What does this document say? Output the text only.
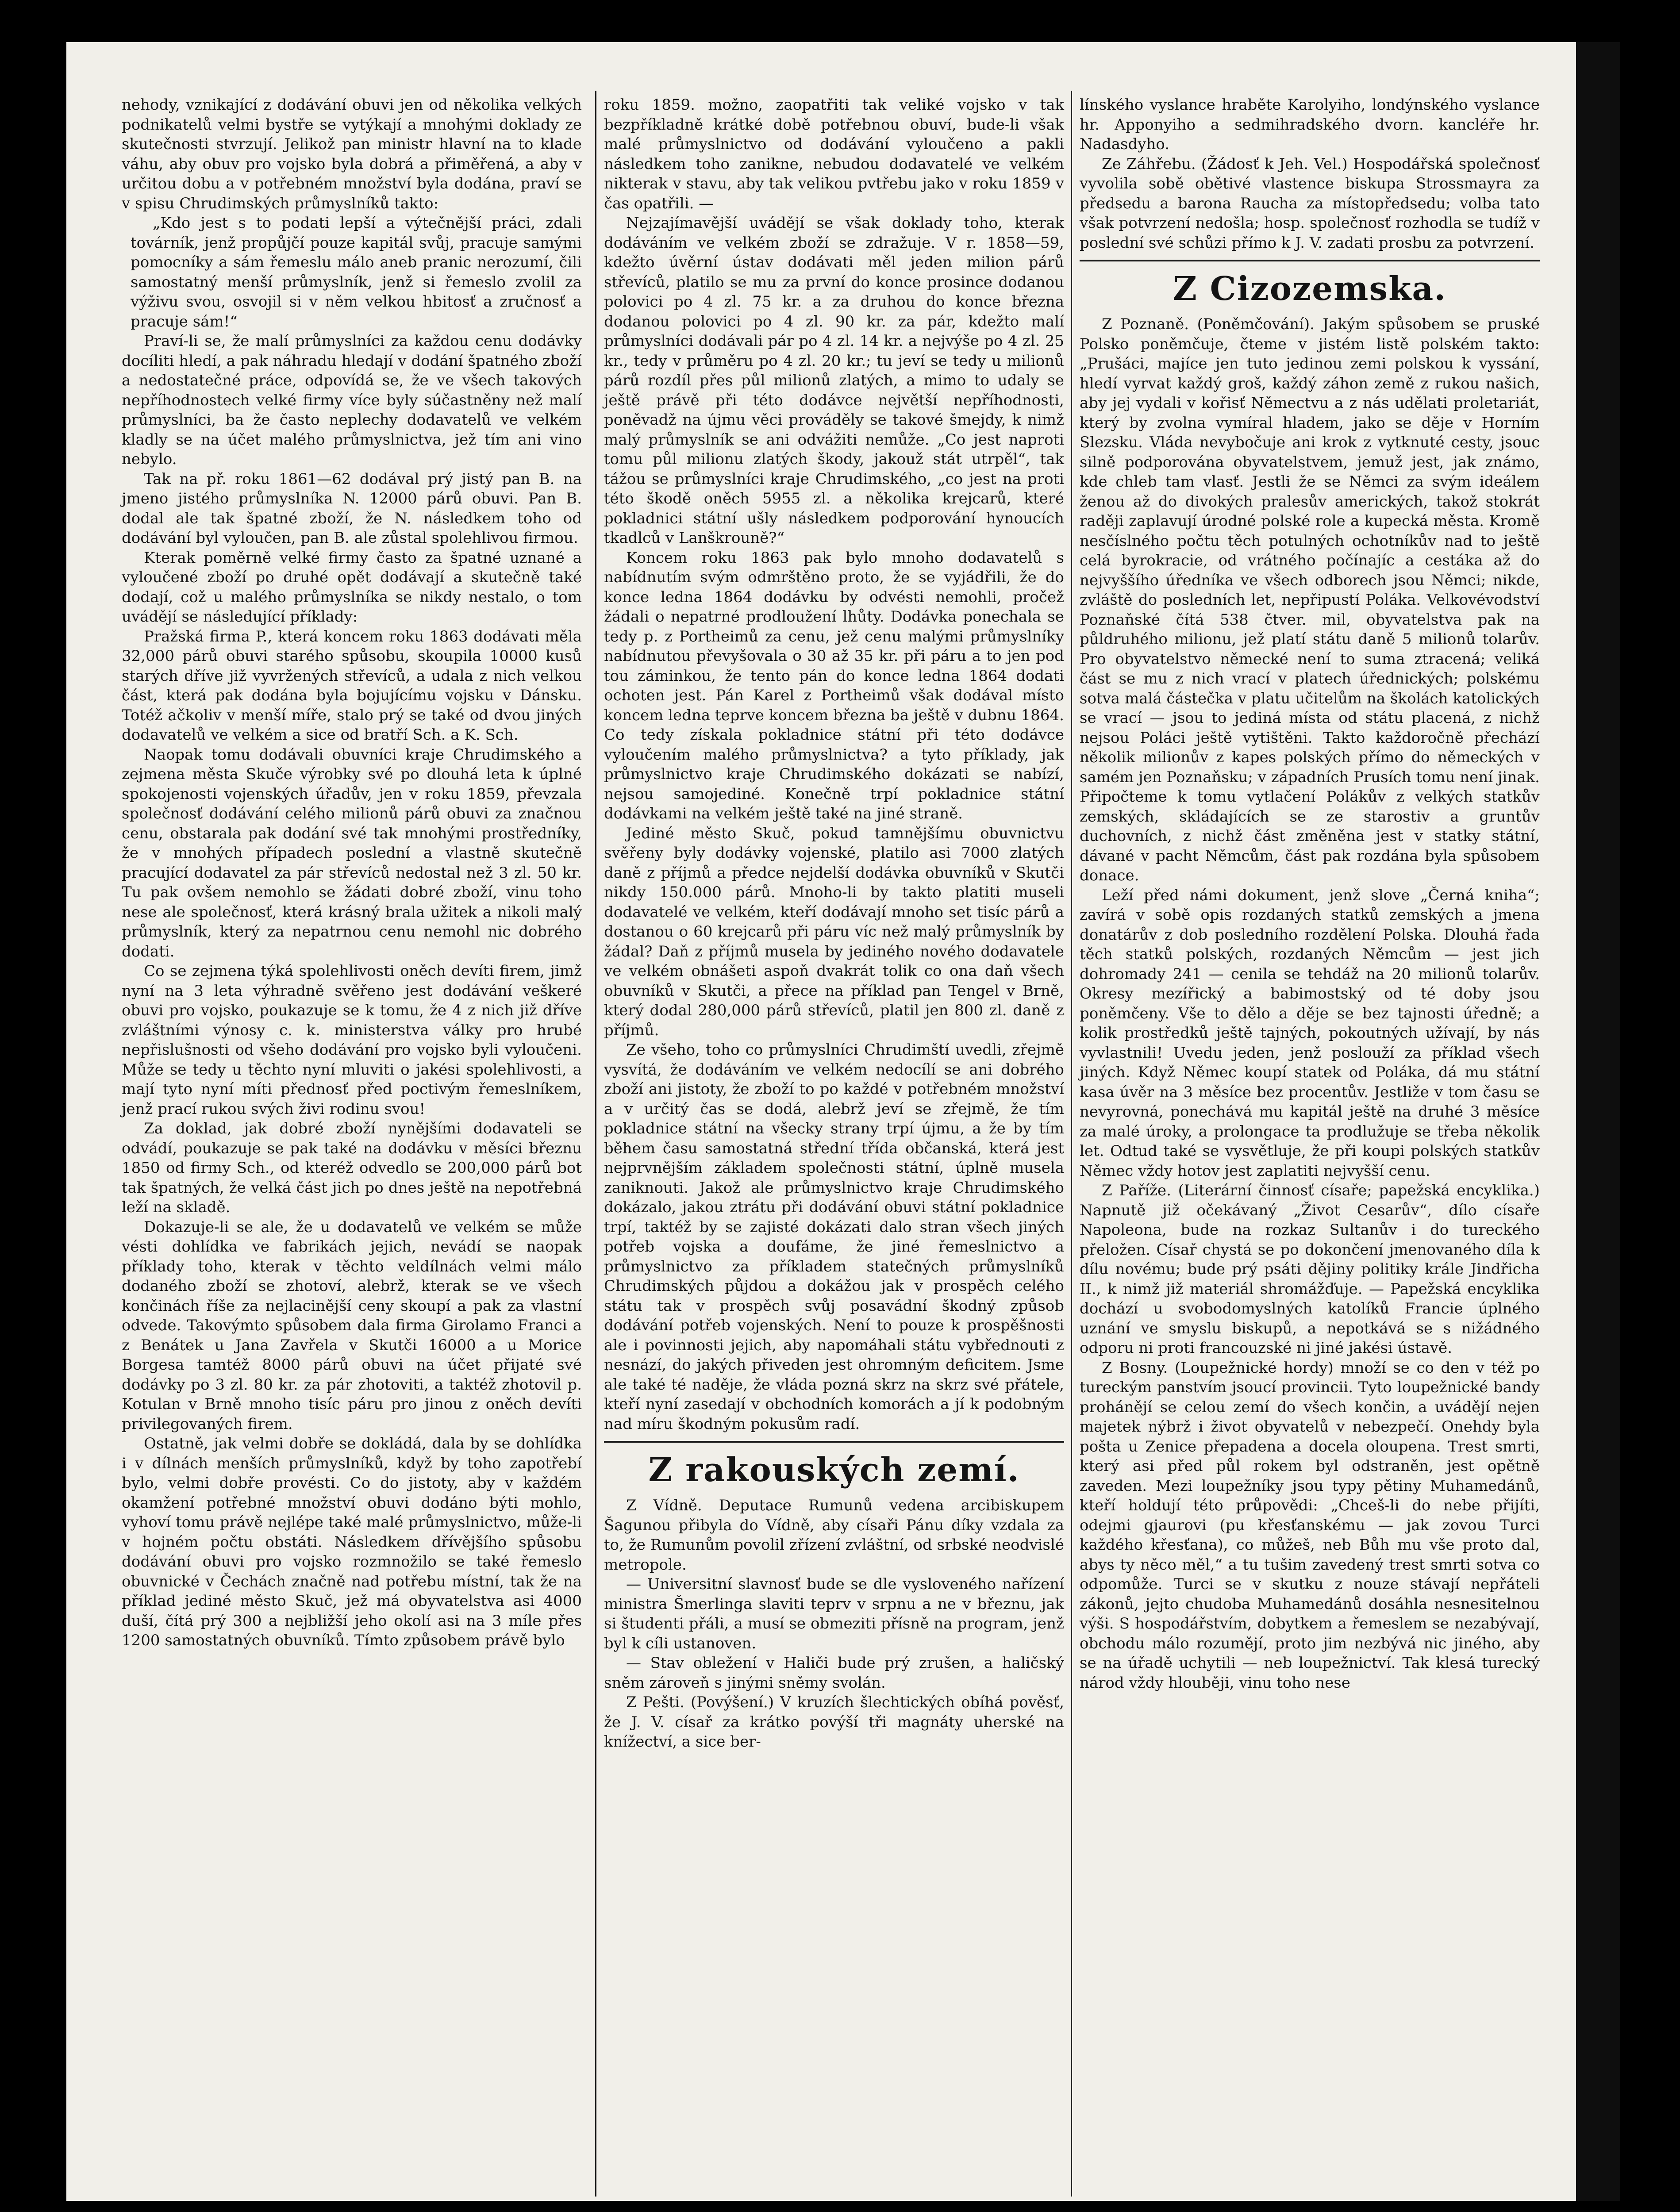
nehody, vznikající z dodávání obuvi jen od několika velkých podnikatelů velmi bystře se vytýkají a mnohými doklady ze skutečnosti stvrzují. Jelikož pan ministr hlavní na to klade váhu, aby obuv pro vojsko byla dobrá a přiměřená, a aby v určitou dobu a v potřebném množství byla dodána, praví se v spisu Chrudimských průmyslníků takto:

„Kdo jest s to podati lepší a výtečnější práci, zdali továrník, jenž propůjčí pouze kapitál svůj, pracuje samými pomocníky a sám řemeslu málo aneb pranic nerozumí, čili samostatný menší průmyslník, jenž si řemeslo zvolil za výživu svou, osvojil si v něm velkou hbitosť a zručnosť a pracuje sám!“

Praví-li se, že malí průmyslníci za každou cenu dodávky docíliti hledí, a pak náhradu hledají v dodání špatného zboží a nedostatečné práce, odpovídá se, že ve všech takových nepříhodnostech velké firmy více byly súčastněny než malí průmyslníci, ba že často neplechy dodavatelů ve velkém kladly se na účet malého průmyslnictva, jež tím ani vino nebylo.

Tak na př. roku 1861—62 dodával prý jistý pan B. na jmeno jistého průmyslníka N. 12000 párů obuvi. Pan B. dodal ale tak špatné zboží, že N. následkem toho od dodávání byl vyloučen, pan B. ale zůstal spolehlivou firmou.

Kterak poměrně velké firmy často za špatné uznané a vyloučené zboží po druhé opět dodávají a skutečně také dodají, což u malého průmyslníka se nikdy nestalo, o tom uvádějí se následující příklady:

Pražská firma P., která koncem roku 1863 dodávati měla 32,000 párů obuvi starého spůsobu, skoupila 10000 kusů starých dříve již vyvržených střevíců, a udala z nich velkou část, která pak dodána byla bojujícímu vojsku v Dánsku. Totéž ačkoliv v menší míře, stalo prý se také od dvou jiných dodavatelů ve velkém a sice od bratří Sch. a K. Sch.

Naopak tomu dodávali obuvníci kraje Chrudimského a zejmena města Skuče výrobky své po dlouhá leta k úplné spokojenosti vojenských úřadův, jen v roku 1859, převzala společnosť dodávání celého milionů párů obuvi za značnou cenu, obstarala pak dodání své tak mnohými prostředníky, že v mnohých případech poslední a vlastně skutečně pracující dodavatel za pár střevíců nedostal než 3 zl. 50 kr. Tu pak ovšem nemohlo se žádati dobré zboží, vinu toho nese ale společnosť, která krásný brala užitek a nikoli malý průmyslník, který za nepatrnou cenu nemohl nic dobrého dodati.

Co se zejmena týká spolehlivosti oněch devíti firem, jimž nyní na 3 leta výhradně svěřeno jest dodávání veškeré obuvi pro vojsko, poukazuje se k tomu, že 4 z nich již dříve zvláštními výnosy c. k. ministerstva války pro hrubé nepřislušnosti od všeho dodávání pro vojsko byli vyloučeni. Může se tedy u těchto nyní mluviti o jakési spolehlivosti, a mají tyto nyní míti přednosť před poctivým řemeslníkem, jenž prací rukou svých živi rodinu svou!

Za doklad, jak dobré zboží nynějšími dodavateli se odvádí, poukazuje se pak také na dodávku v měsíci březnu 1850 od firmy Sch., od kteréž odvedlo se 200,000 párů bot tak špatných, že velká část jich po dnes ještě na nepotřebná leží na skladě.

Dokazuje-li se ale, že u dodavatelů ve velkém se může vésti dohlídka ve fabrikách jejich, nevádí se naopak příklady toho, kterak v těchto veldílnách velmi málo dodaného zboží se zhotoví, alebrž, kterak se ve všech končinách říše za nejlacinější ceny skoupí a pak za vlastní odvede. Takovýmto spůsobem dala firma Girolamo Franci a z Benátek u Jana Zavřela v Skutči 16000 a u Morice Borgesa tamtéž 8000 párů obuvi na účet přijaté své dodávky po 3 zl. 80 kr. za pár zhotoviti, a taktéž zhotovil p. Kotulan v Brně mnoho tisíc páru pro jinou z oněch devíti privilegovaných firem.

Ostatně, jak velmi dobře se dokládá, dala by se dohlídka i v dílnách menších průmyslníků, když by toho zapotřebí bylo, velmi dobře provésti. Co do jistoty, aby v každém okamžení potřebné množství obuvi dodáno býti mohlo, vyhoví tomu právě nejlépe také malé průmyslnictvo, může-li v hojném počtu obstáti. Následkem dřívějšího spůsobu dodávání obuvi pro vojsko rozmnožilo se také řemeslo obuvnické v Čechách značně nad potřebu místní, tak že na příklad jediné město Skuč, jež má obyvatelstva asi 4000 duší, čítá prý 300 a nejbližší jeho okolí asi na 3 míle přes 1200 samostatných obuvníků. Tímto způsobem právě bylo

roku 1859. možno, zaopatřiti tak veliké vojsko v tak bezpříkladně krátké době potřebnou obuví, bude-li však malé průmyslnictvo od dodávání vyloučeno a pakli následkem toho zanikne, nebudou dodavatelé ve velkém nikterak v stavu, aby tak velikou pvtřebu jako v roku 1859 v čas opatřili. —

Nejzajímavější uvádějí se však doklady toho, kterak dodáváním ve velkém zboží se zdražuje. V r. 1858—59, kdežto úvěrní ústav dodávati měl jeden milion párů střevíců, platilo se mu za první do konce prosince dodanou polovici po 4 zl. 75 kr. a za druhou do konce března dodanou polovici po 4 zl. 90 kr. za pár, kdežto malí průmyslníci dodávali pár po 4 zl. 14 kr. a nejvýše po 4 zl. 25 kr., tedy v průměru po 4 zl. 20 kr.; tu jeví se tedy u milionů párů rozdíl přes půl milionů zlatých, a mimo to udaly se ještě právě při této dodávce největší nepříhodnosti, poněvadž na újmu věci prováděly se takové šmejdy, k nimž malý průmyslník se ani odvážiti nemůže. „Co jest naproti tomu půl milionu zlatých škody, jakouž stát utrpěl“, tak tážou se průmyslníci kraje Chrudimského, „co jest na proti této škodě oněch 5955 zl. a několika krejcarů, které pokladnici státní ušly následkem podporování hynoucích tkadlců v Lanškrouně?“

Koncem roku 1863 pak bylo mnoho dodavatelů s nabídnutím svým odmrštěno proto, že se vyjádřili, že do konce ledna 1864 dodávku by odvésti nemohli, pročež žádali o nepatrné prodloužení lhůty. Dodávka ponechala se tedy p. z Portheimů za cenu, jež cenu malými průmyslníky nabídnutou převyšovala o 30 až 35 kr. při páru a to jen pod tou záminkou, že tento pán do konce ledna 1864 dodati ochoten jest. Pán Karel z Portheimů však dodával místo koncem ledna teprve koncem března ba ještě v dubnu 1864. Co tedy získala pokladnice státní při této dodávce vyloučením malého průmyslnictva? a tyto příklady, jak průmyslnictvo kraje Chrudimského dokázati se nabízí, nejsou samojediné. Konečně trpí pokladnice státní dodávkami na velkém ještě také na jiné straně.

Jediné město Skuč, pokud tamnějšímu obuvnictvu svěřeny byly dodávky vojenské, platilo asi 7000 zlatých daně z příjmů a předce nejdelší dodávka obuvníků v Skutči nikdy 150.000 párů. Mnoho-li by takto platiti museli dodavatelé ve velkém, kteří dodávají mnoho set tisíc párů a dostanou o 60 krejcarů při páru víc než malý průmyslník by žádal? Daň z příjmů musela by jediného nového dodavatele ve velkém obnášeti aspoň dvakrát tolik co ona daň všech obuvníků v Skutči, a přece na příklad pan Tengel v Brně, který dodal 280,000 párů střevíců, platil jen 800 zl. daně z příjmů.

Ze všeho, toho co průmyslníci Chrudimští uvedli, zřejmě vysvítá, že dodáváním ve velkém nedocílí se ani dobrého zboží ani jistoty, že zboží to po každé v potřebném množství a v určitý čas se dodá, alebrž jeví se zřejmě, že tím pokladnice státní na všecky strany trpí újmu, a že by tím během času samostatná střední třída občanská, která jest nejprvnějším základem společnosti státní, úplně musela zaniknouti. Jakož ale průmyslnictvo kraje Chrudimského dokázalo, jakou ztrátu při dodávání obuvi státní pokladnice trpí, taktéž by se zajisté dokázati dalo stran všech jiných potřeb vojska a doufáme, že jiné řemeslnictvo a průmyslnictvo za příkladem statečných průmyslníků Chrudimských půjdou a dokážou jak v prospěch celého státu tak v prospěch svůj posavádní škodný způsob dodávání potřeb vojenských. Není to pouze k prospěšnosti ale i povinnosti jejich, aby napomáhali státu vybřednouti z nesnází, do jakých přiveden jest ohromným deficitem. Jsme ale také té naděje, že vláda pozná skrz na skrz své přátele, kteří nyní zasedají v obchodních komorách a jí k podobným nad míru škodným pokusům radí.

Z rakouských zemí.

Z Vídně. Deputace Rumunů vedena arcibiskupem Šagunou přibyla do Vídně, aby císaři Pánu díky vzdala za to, že Rumunům povolil zřízení zvláštní, od srbské neodvislé metropole.

— Universitní slavnosť bude se dle vysloveného nařízení ministra Šmerlinga slaviti teprv v srpnu a ne v březnu, jak si študenti přáli, a musí se obmeziti přísně na program, jenž byl k cíli ustanoven.

— Stav obležení v Haliči bude prý zrušen, a haličský sněm zároveň s jinými sněmy svolán.

Z Pešti. (Povýšení.) V kruzích šlechtických obíhá pověsť, že J. V. císař za krátko povýší tři magnáty uherské na knížectví, a sice ber-

línského vyslance hraběte Karolyiho, londýnského vyslance hr. Apponyiho a sedmihradského dvorn. kancléře hr. Nadasdyho.

Ze Záhřebu. (Žádosť k Jeh. Vel.) Hospodářská společnosť vyvolila sobě obětivé vlastence biskupa Strossmayra za předsedu a barona Raucha za místopředsedu; volba tato však potvrzení nedošla; hosp. společnosť rozhodla se tudíž v poslední své schůzi přímo k J. V. zadati prosbu za potvrzení.

Z Cizozemska.

Z Poznaně. (Poněmčování). Jakým spůsobem se pruské Polsko poněmčuje, čteme v jistém listě polském takto: „Prušáci, majíce jen tuto jedinou zemi polskou k vyssání, hledí vyrvat každý groš, každý záhon země z rukou našich, aby jej vydali v kořisť Němectvu a z nás udělati proletariát, který by zvolna vymíral hladem, jako se děje v Horním Slezsku. Vláda nevybočuje ani krok z vytknuté cesty, jsouc silně podporována obyvatelstvem, jemuž jest, jak známo, kde chleb tam vlasť. Jestli že se Němci za svým ideálem ženou až do divokých pralesův amerických, takož stokrát raději zaplavují úrodné polské role a kupecká města. Kromě nesčíslného počtu těch potulných ochotníkův nad to ještě celá byrokracie, od vrátného počínajíc a cestáka až do nejvyššího úředníka ve všech odborech jsou Němci; nikde, zvláště do posledních let, nepřipustí Poláka. Velkovévodství Poznaňské čítá 538 čtver. mil, obyvatelstva pak na půldruhého milionu, jež platí státu daně 5 milionů tolarův. Pro obyvatelstvo německé není to suma ztracená; veliká část se mu z nich vrací v platech úřednických; polskému sotva malá částečka v platu učitelům na školách katolických se vrací — jsou to jediná místa od státu placená, z nichž nejsou Poláci ještě vytištěni. Takto každoročně přechází několik milionův z kapes polských přímo do německých v samém jen Poznaňsku; v západních Prusích tomu není jinak. Připočteme k tomu vytlačení Polákův z velkých statkův zemských, skládajících se ze starostiv a gruntův duchovních, z nichž část změněna jest v statky státní, dávané v pacht Němcům, část pak rozdána byla spůsobem donace.

Leží před námi dokument, jenž slove „Černá kniha“; zavírá v sobě opis rozdaných statků zemských a jmena donatárův z dob posledního rozdělení Polska. Dlouhá řada těch statků polských, rozdaných Němcům — jest jich dohromady 241 — cenila se tehdáž na 20 milionů tolarův. Okresy mezířický a babimostský od té doby jsou poněmčeny. Vše to dělo a děje se bez tajnosti úředně; a kolik prostředků ještě tajných, pokoutných užívají, by nás vyvlastnili! Uvedu jeden, jenž poslouží za příklad všech jiných. Když Němec koupí statek od Poláka, dá mu státní kasa úvěr na 3 měsíce bez procentův. Jestliže v tom času se nevyrovná, ponechává mu kapitál ještě na druhé 3 měsíce za malé úroky, a prolongace ta prodlužuje se třeba několik let. Odtud také se vysvětluje, že při koupi polských statkův Němec vždy hotov jest zaplatiti nejvyšší cenu.

Z Paříže. (Literární činnosť císaře; papežská encyklika.) Napnutě již očekávaný „Život Cesarův“, dílo císaře Napoleona, bude na rozkaz Sultanův i do tureckého přeložen. Císař chystá se po dokončení jmenovaného díla k dílu novému; bude prý psáti dějiny politiky krále Jindřicha II., k nimž již materiál shromážďuje. — Papežská encyklika dochází u svobodomyslných katolíků Francie úplného uznání ve smyslu biskupů, a nepotkává se s nižádného odporu ni proti francouzské ni jiné jakési ústavě.

Z Bosny. (Loupežnické hordy) množí se co den v též po tureckým panstvím jsoucí provincii. Tyto loupežnické bandy prohánějí se celou zemí do všech končin, a uvádějí nejen majetek nýbrž i život obyvatelů v nebezpečí. Onehdy byla pošta u Zenice přepadena a docela oloupena. Trest smrti, který asi před půl rokem byl odstraněn, jest opětně zaveden. Mezi loupežníky jsou typy pětiny Muhamedánů, kteří holdují této průpovědi: „Chceš-li do nebe přijíti, odejmi gjaurovi (pu křesťanskému — jak zovou Turci každého křesťana), co můžeš, neb Bůh mu vše proto dal, abys ty něco měl,“ a tu tušim zavedený trest smrti sotva co odpomůže. Turci se v skutku z nouze stávají nepřáteli zákonů, jejto chudoba Muhamedánů dosáhla nesnesitelnou výši. S hospodářstvím, dobytkem a řemeslem se nezabývají, obchodu málo rozumějí, proto jim nezbývá nic jiného, aby se na úřadě uchytili — neb loupežnictví. Tak klesá turecký národ vždy hlouběji, vinu toho nese
